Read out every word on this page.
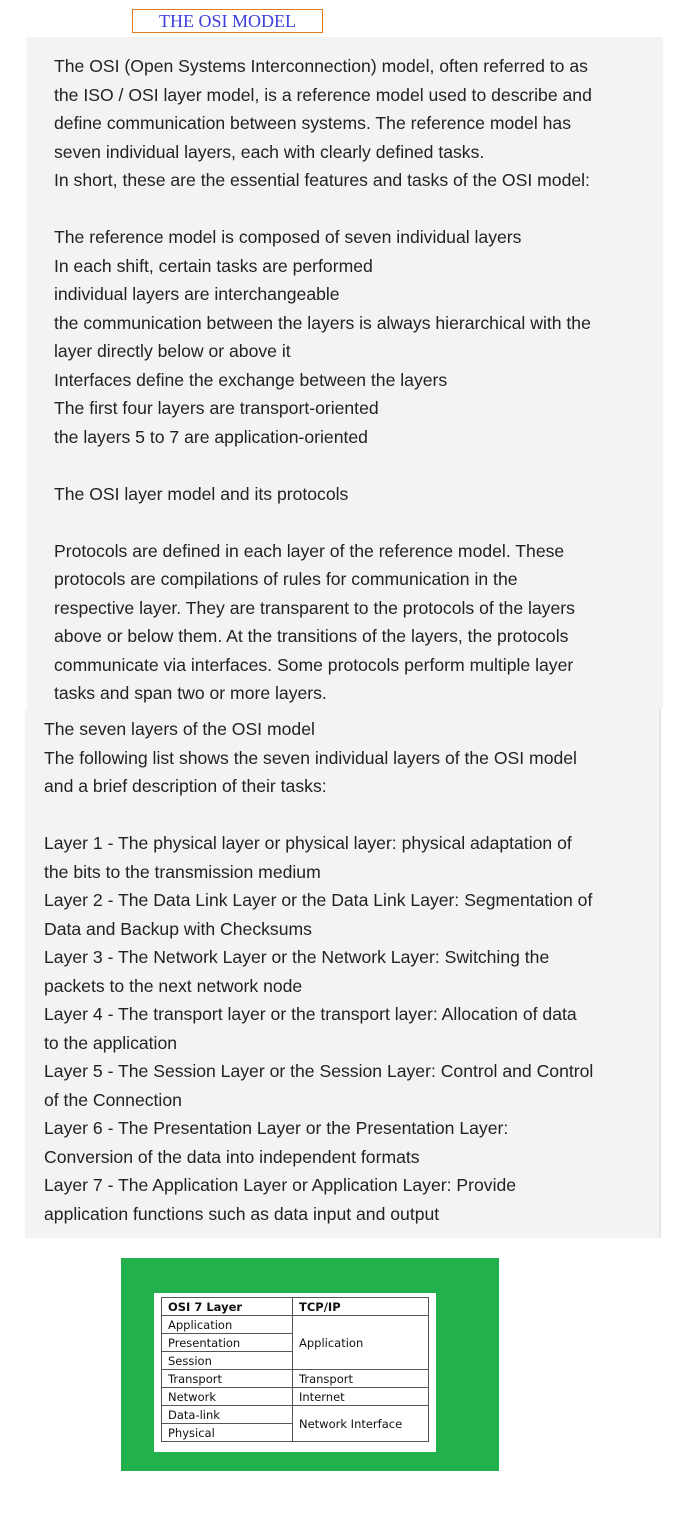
THE OSI MODEL
The OSI (Open Systems Interconnection) model, often referred to as
the ISO / OSI layer model, is a reference model used to describe and
define communication between systems. The reference model has
seven individual layers, each with clearly defined tasks.
In short, these are the essential features and tasks of the OSI model:
The reference model is composed of seven individual layers
In each shift, certain tasks are performed
individual layers are interchangeable
the communication between the layers is always hierarchical with the
layer directly below or above it
Interfaces define the exchange between the layers
The first four layers are transport-oriented
the layers 5 to 7 are application-oriented
The OSI layer model and its protocols
Protocols are defined in each layer of the reference model. These
protocols are compilations of rules for communication in the
respective layer. They are transparent to the protocols of the layers
above or below them. At the transitions of the layers, the protocols
communicate via interfaces. Some protocols perform multiple layer
tasks and span two or more layers.
The seven layers of the OSI model
The following list shows the seven individual layers of the OSI model
and a brief description of their tasks:
Layer 1 - The physical layer or physical layer: physical adaptation of
the bits to the transmission medium
Layer 2 - The Data Link Layer or the Data Link Layer: Segmentation of
Data and Backup with Checksums
Layer 3 - The Network Layer or the Network Layer: Switching the
packets to the next network node
Layer 4 - The transport layer or the transport layer: Allocation of data
to the application
Layer 5 - The Session Layer or the Session Layer: Control and Control
of the Connection
Layer 6 - The Presentation Layer or the Presentation Layer:
Conversion of the data into independent formats
Layer 7 - The Application Layer or Application Layer: Provide
application functions such as data input and output
OSI 7 Layer	TCP/IP
Application	Application
Presentation	
Session	
Transport	Transport
Network	Internet
Data-link	Network Interface
Physical	
